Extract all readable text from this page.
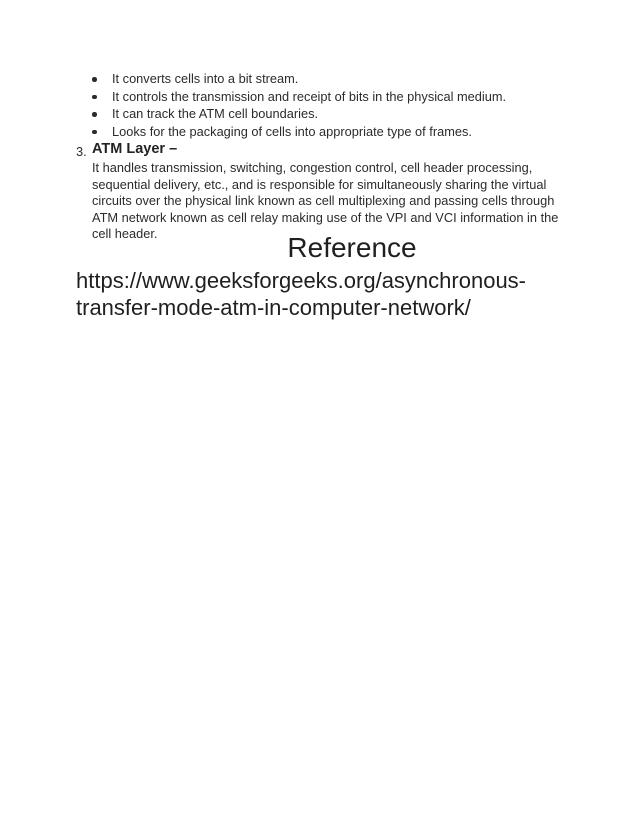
It converts cells into a bit stream.
It controls the transmission and receipt of bits in the physical medium.
It can track the ATM cell boundaries.
Looks for the packaging of cells into appropriate type of frames.
3. ATM Layer –
It handles transmission, switching, congestion control, cell header processing,
sequential delivery, etc., and is responsible for simultaneously sharing the virtual
circuits over the physical link known as cell multiplexing and passing cells through
ATM network known as cell relay making use of the VPI and VCI information in the
cell header.	Reference
https://www.geeksforgeeks.org/asynchronous-
transfer-mode-atm-in-computer-network/
